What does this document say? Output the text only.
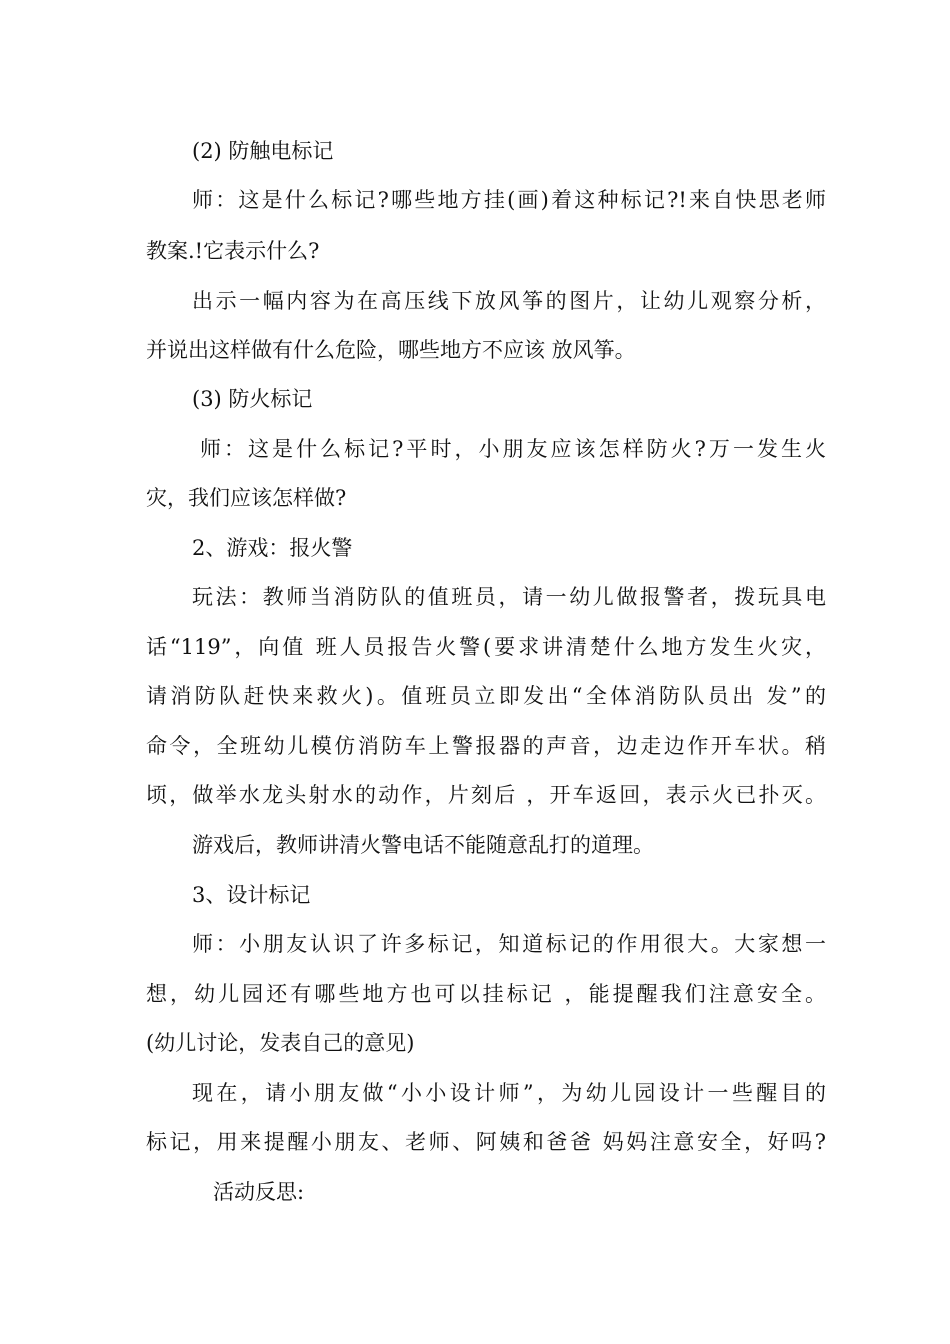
(2) 防触电标记
师：这是什么标记?哪些地方挂(画)着这种标记?!来自快思老师
教案.!它表示什么?
出示一幅内容为在高压线下放风筝的图片，让幼儿观察分析，
并说出这样做有什么危险，哪些地方不应该 放风筝。
(3) 防火标记
师：这是什么标记?平时，小朋友应该怎样防火?万一发生火
灾，我们应该怎样做?
2、游戏：报火警
玩法：教师当消防队的值班员，请一幼儿做报警者，拨玩具电
话“119”，向值 班人员报告火警(要求讲清楚什么地方发生火灾，
请消防队赶快来救火)。值班员立即发出“全体消防队员出 发”的
命令，全班幼儿模仿消防车上警报器的声音，边走边作开车状。稍
顷，做举水龙头射水的动作，片刻后 ，开车返回，表示火已扑灭。
游戏后，教师讲清火警电话不能随意乱打的道理。
3、设计标记
师：小朋友认识了许多标记，知道标记的作用很大。大家想一
想，幼儿园还有哪些地方也可以挂标记 ，能提醒我们注意安全。
(幼儿讨论，发表自己的意见)
现在，请小朋友做“小小设计师”，为幼儿园设计一些醒目的
标记，用来提醒小朋友、老师、阿姨和爸爸 妈妈注意安全，好吗?
活动反思:
